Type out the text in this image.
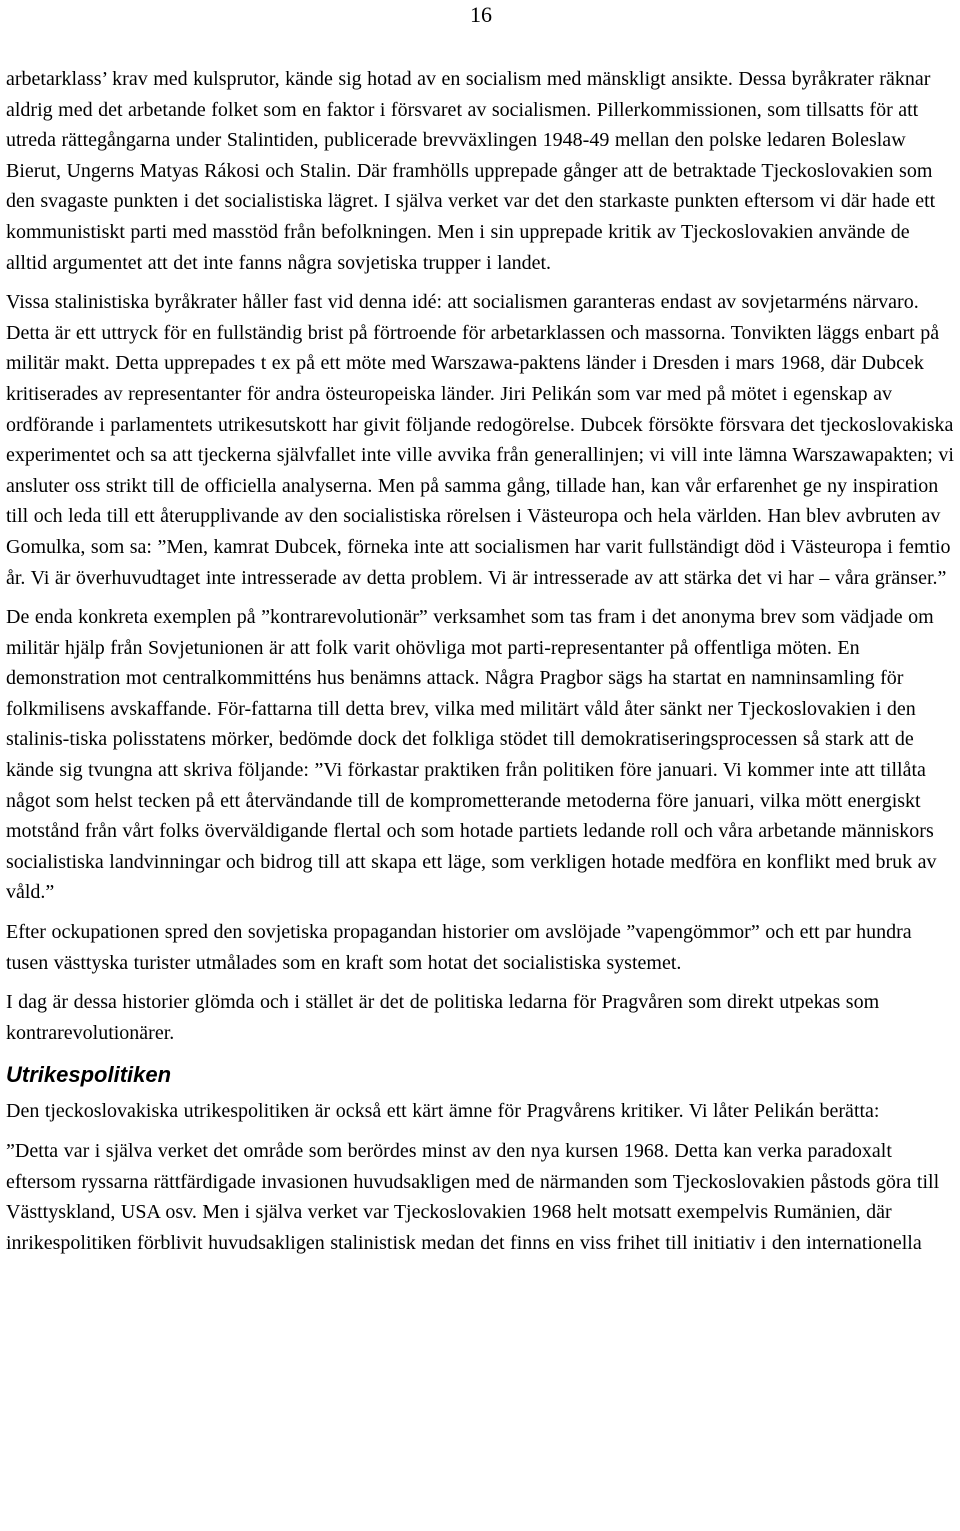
16

arbetarklass’ krav med kulsprutor, kände sig hotad av en socialism med mänskligt ansikte. Dessa byråkrater räknar aldrig med det arbetande folket som en faktor i försvaret av socialismen. Pillerkommissionen, som tillsatts för att utreda rättegångarna under Stalintiden, publicerade brevväxlingen 1948-49 mellan den polske ledaren Boleslaw Bierut, Ungerns Matyas Rákosi och Stalin. Där framhölls upprepade gånger att de betraktade Tjeckoslovakien som den svagaste punkten i det socialistiska lägret. I själva verket var det den starkaste punkten eftersom vi där hade ett kommunistiskt parti med masstöd från befolkningen. Men i sin upprepade kritik av Tjeckoslovakien använde de alltid argumentet att det inte fanns några sovjetiska trupper i landet.

Vissa stalinistiska byråkrater håller fast vid denna idé: att socialismen garanteras endast av sovjetarméns närvaro. Detta är ett uttryck för en fullständig brist på förtroende för arbetarklassen och massorna. Tonvikten läggs enbart på militär makt. Detta upprepades t ex på ett möte med Warszawa-paktens länder i Dresden i mars 1968, där Dubcek kritiserades av representanter för andra östeuropeiska länder. Jiri Pelikán som var med på mötet i egenskap av ordförande i parlamentets utrikesutskott har givit följande redogörelse. Dubcek försökte försvara det tjeckoslovakiska experimentet och sa att tjeckerna självfallet inte ville avvika från generallinjen; vi vill inte lämna Warszawapakten; vi ansluter oss strikt till de officiella analyserna. Men på samma gång, tillade han, kan vår erfarenhet ge ny inspiration till och leda till ett återupplivande av den socialistiska rörelsen i Västeuropa och hela världen. Han blev avbruten av Gomulka, som sa: ”Men, kamrat Dubcek, förneka inte att socialismen har varit fullständigt död i Västeuropa i femtio år. Vi är överhuvudtaget inte intresserade av detta problem. Vi är intresserade av att stärka det vi har – våra gränser.”

De enda konkreta exemplen på ”kontrarevolutionär” verksamhet som tas fram i det anonyma brev som vädjade om militär hjälp från Sovjetunionen är att folk varit ohövliga mot parti-representanter på offentliga möten. En demonstration mot centralkommitténs hus benämns attack. Några Pragbor sägs ha startat en namninsamling för folkmilisens avskaffande. För-fattarna till detta brev, vilka med militärt våld åter sänkt ner Tjeckoslovakien i den stalinis-tiska polisstatens mörker, bedömde dock det folkliga stödet till demokratiseringsprocessen så stark att de kände sig tvungna att skriva följande: ”Vi förkastar praktiken från politiken före januari. Vi kommer inte att tillåta något som helst tecken på ett återvändande till de komprometterande metoderna före januari, vilka mött energiskt motstånd från vårt folks överväldigande flertal och som hotade partiets ledande roll och våra arbetande människors socialistiska landvinningar och bidrog till att skapa ett läge, som verkligen hotade medföra en konflikt med bruk av våld.”

Efter ockupationen spred den sovjetiska propagandan historier om avslöjade ”vapengömmor” och ett par hundra tusen västtyska turister utmålades som en kraft som hotat det socialistiska systemet.

I dag är dessa historier glömda och i stället är det de politiska ledarna för Pragvåren som direkt utpekas som kontrarevolutionärer.

Utrikespolitiken

Den tjeckoslovakiska utrikespolitiken är också ett kärt ämne för Pragvårens kritiker. Vi låter Pelikán berätta:

”Detta var i själva verket det område som berördes minst av den nya kursen 1968. Detta kan verka paradoxalt eftersom ryssarna rättfärdigade invasionen huvudsakligen med de närmanden som Tjeckoslovakien påstods göra till Västtyskland, USA osv. Men i själva verket var Tjeckoslovakien 1968 helt motsatt exempelvis Rumänien, där inrikespolitiken förblivit huvudsakligen stalinistisk medan det finns en viss frihet till initiativ i den internationella
